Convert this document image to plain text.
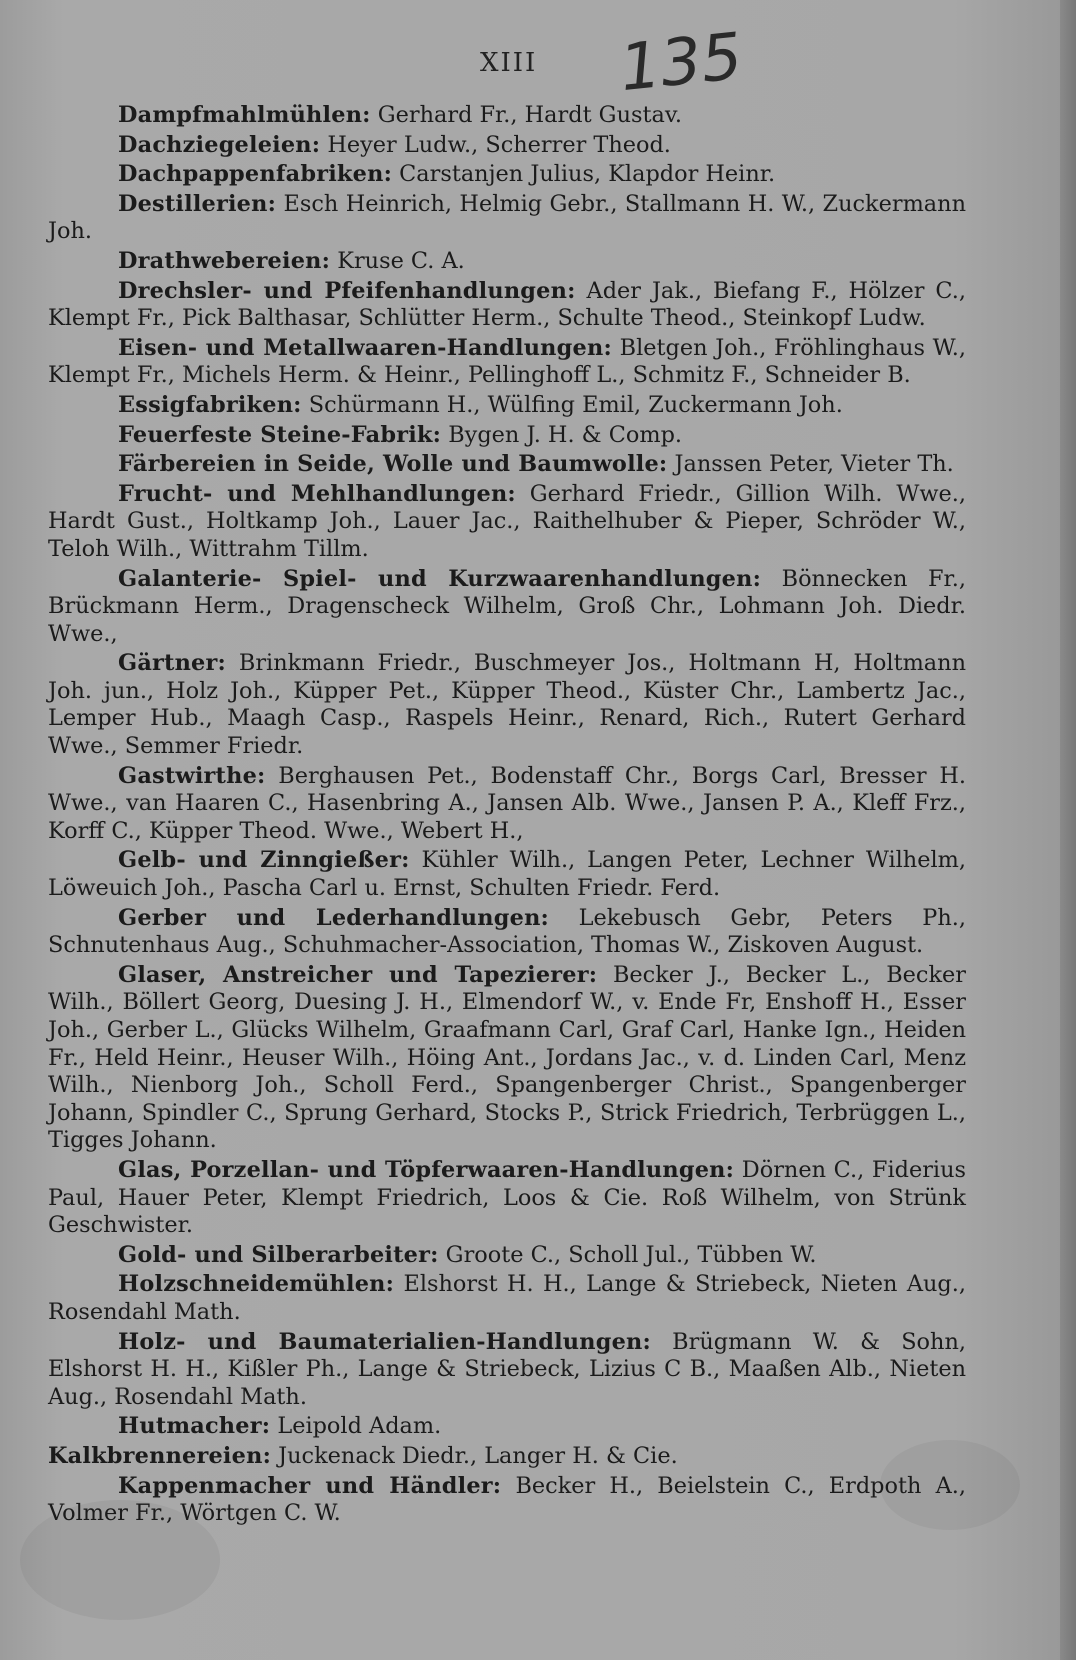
XIII 135

Dampfmahlmühlen: Gerhard Fr., Hardt Gustav.

Dachziegeleien: Heyer Ludw., Scherrer Theod.

Dachpappenfabriken: Carstanjen Julius, Klapdor Heinr.

Destillerien: Esch Heinrich, Helmig Gebr., Stallmann H. W., Zuckermann Joh.

Drathwebereien: Kruse C. A.

Drechsler- und Pfeifenhandlungen: Ader Jak., Biefang F., Hölzer C., Klempt Fr., Pick Balthasar, Schlütter Herm., Schulte Theod., Steinkopf Ludw.

Eisen- und Metallwaaren-Handlungen: Bletgen Joh., Fröhlinghaus W., Klempt Fr., Michels Herm. & Heinr., Pellinghoff L., Schmitz F., Schneider B.

Essigfabriken: Schürmann H., Wülfing Emil, Zuckermann Joh.

Feuerfeste Steine-Fabrik: Bygen J. H. & Comp.

Färbereien in Seide, Wolle und Baumwolle: Janssen Peter, Vieter Th.

Frucht- und Mehlhandlungen: Gerhard Friedr., Gillion Wilh. Wwe., Hardt Gust., Holtkamp Joh., Lauer Jac., Raithelhuber & Pieper, Schröder W., Teloh Wilh., Wittrahm Tillm.

Galanterie- Spiel- und Kurzwaarenhandlungen: Bönnecken Fr., Brückmann Herm., Dragenscheck Wilhelm, Groß Chr., Lohmann Joh. Diedr. Wwe.,

Gärtner: Brinkmann Friedr., Buschmeyer Jos., Holtmann H, Holtmann Joh. jun., Holz Joh., Küpper Pet., Küpper Theod., Küster Chr., Lambertz Jac., Lemper Hub., Maagh Casp., Raspels Heinr., Renard, Rich., Rutert Gerhard Wwe., Semmer Friedr.

Gastwirthe: Berghausen Pet., Bodenstaff Chr., Borgs Carl, Bresser H. Wwe., van Haaren C., Hasenbring A., Jansen Alb. Wwe., Jansen P. A., Kleff Frz., Korff C., Küpper Theod. Wwe., Webert H.,

Gelb- und Zinngießer: Kühler Wilh., Langen Peter, Lechner Wilhelm, Löweuich Joh., Pascha Carl u. Ernst, Schulten Friedr. Ferd.

Gerber und Lederhandlungen: Lekebusch Gebr, Peters Ph., Schnutenhaus Aug., Schuhmacher-Association, Thomas W., Ziskoven August.

Glaser, Anstreicher und Tapezierer: Becker J., Becker L., Becker Wilh., Böllert Georg, Duesing J. H., Elmendorf W., v. Ende Fr, Enshoff H., Esser Joh., Gerber L., Glücks Wilhelm, Graafmann Carl, Graf Carl, Hanke Ign., Heiden Fr., Held Heinr., Heuser Wilh., Höing Ant., Jordans Jac., v. d. Linden Carl, Menz Wilh., Nienborg Joh., Scholl Ferd., Spangenberger Christ., Spangenberger Johann, Spindler C., Sprung Gerhard, Stocks P., Strick Friedrich, Terbrüggen L., Tigges Johann.

Glas, Porzellan- und Töpferwaaren-Handlungen: Dörnen C., Fiderius Paul, Hauer Peter, Klempt Friedrich, Loos & Cie. Roß Wilhelm, von Strünk Geschwister.

Gold- und Silberarbeiter: Groote C., Scholl Jul., Tübben W.

Holzschneidemühlen: Elshorst H. H., Lange & Striebeck, Nieten Aug., Rosendahl Math.

Holz- und Baumaterialien-Handlungen: Brügmann W. & Sohn, Elshorst H. H., Kißler Ph., Lange & Striebeck, Lizius C B., Maaßen Alb., Nieten Aug., Rosendahl Math.

Hutmacher: Leipold Adam.

Kalkbrennereien: Juckenack Diedr., Langer H. & Cie.

Kappenmacher und Händler: Becker H., Beielstein C., Erdpoth A., Volmer Fr., Wörtgen C. W.
